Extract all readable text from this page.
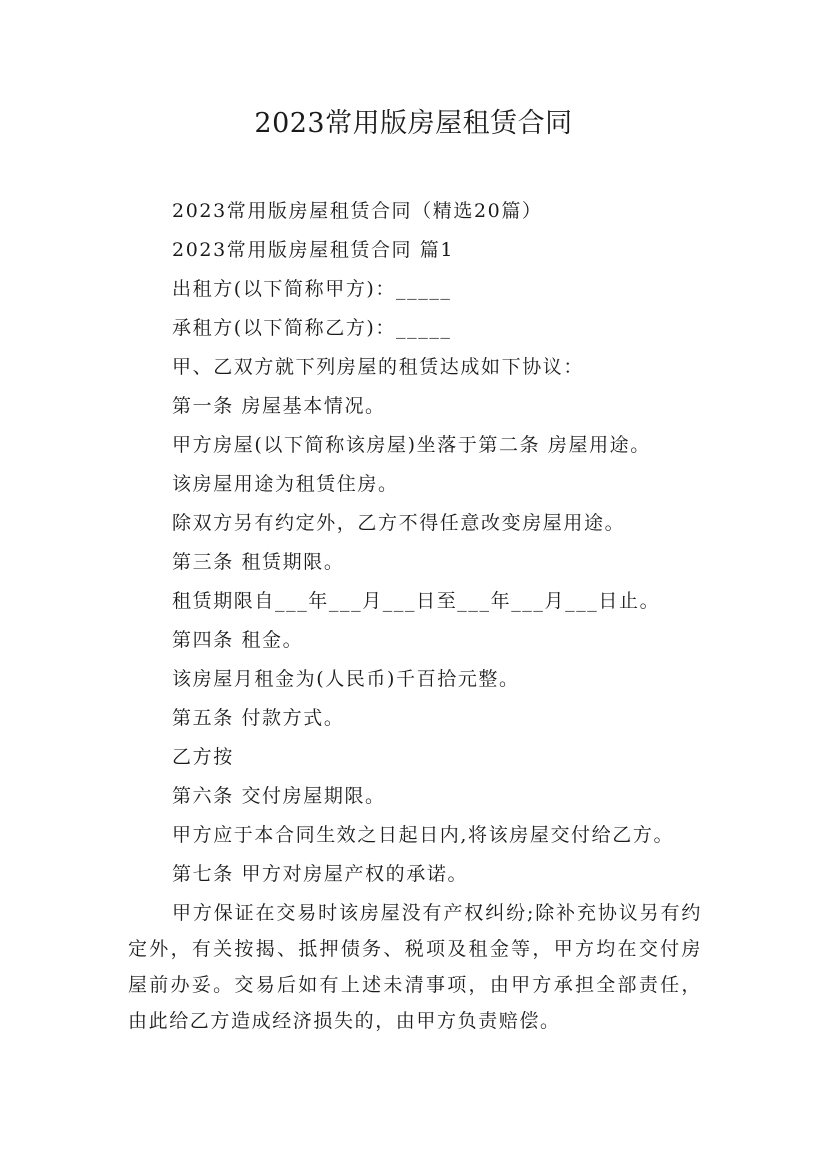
2023常用版房屋租赁合同

2023常用版房屋租赁合同（精选20篇）

2023常用版房屋租赁合同 篇1

出租方(以下简称甲方)：_____

承租方(以下简称乙方)：_____

甲、乙双方就下列房屋的租赁达成如下协议：

第一条 房屋基本情况。

甲方房屋(以下简称该房屋)坐落于第二条 房屋用途。

该房屋用途为租赁住房。

除双方另有约定外，乙方不得任意改变房屋用途。

第三条 租赁期限。

租赁期限自___年___月___日至___年___月___日止。

第四条 租金。

该房屋月租金为(人民币)千百拾元整。

第五条 付款方式。

乙方按

第六条 交付房屋期限。

甲方应于本合同生效之日起日内,将该房屋交付给乙方。

第七条 甲方对房屋产权的承诺。

甲方保证在交易时该房屋没有产权纠纷;除补充协议另有约定外，有关按揭、抵押债务、税项及租金等，甲方均在交付房屋前办妥。交易后如有上述未清事项，由甲方承担全部责任，由此给乙方造成经济损失的，由甲方负责赔偿。
